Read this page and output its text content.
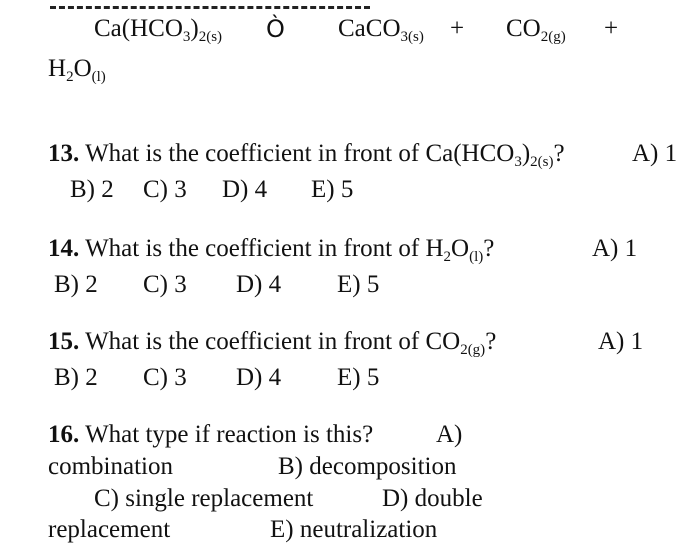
$Ca(HCO_3)_{2(s)}$ Ò CaCO$_{3(s)}$ + $CO_{2(g)}$ +
$H_2O_{(l)}$
13. What is the coefficient in front of $Ca(HCO_3)_{2(s)}$?	A) 1
B) 2 C) 3 D) 4 E) 5
14. What is the coefficient in front of $H_2O_{(l)}$?	A) 1
B) 2 C) 3 D) 4 E) 5
15. What is the coefficient in front of $CO_{2(g)}$?	A) 1
B) 2 C) 3 D) 4 E) 5
16. What type if reaction is this?	A)
combination	B) decomposition
C) single replacement	D) double
replacement	E) neutralization
